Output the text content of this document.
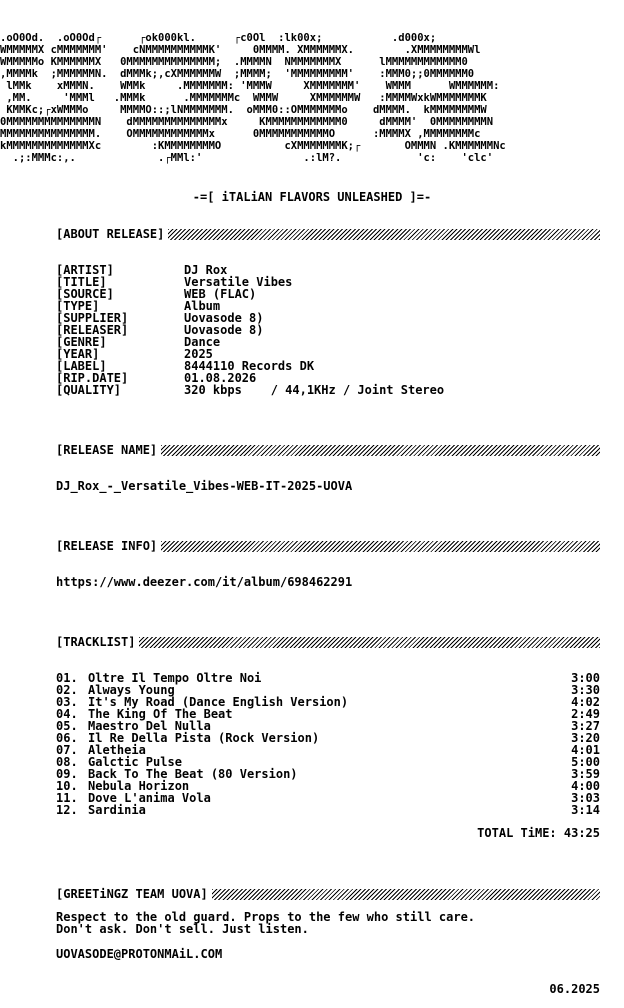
.oO0Od.  .oO0Od┌      ┌ok000kl.      ┌c0Ol  :lk00x;           .d000x;
WMMMMMX cMMMMMMM'    cNMMMMMMMMMMK'     0MMMM. XMMMMMMX.        .XMMMMMMMMWl
WMMMMMo KMMMMMMX   0MMMMMMMMMMMMMM;  .MMMMN  NMMMMMMMX      lMMMMMMMMMMMM0
,MMMMk  ;MMMMMMN.  dMMMk;,cXMMMMMMW  ;MMMM;  'MMMMMMMMM'    :MMM0;;0MMMMMM0
lMMk    xMMMN.    WMMk     .MMMMMMM: 'MMMW     XMMMMMMM'    WMMM      WMMMMMM:
,MM.     'MMMl   .MMMk      .MMMMMMMc  WMMW     XMMMMMMW   :MMMMWxkWMMMMMMMK
KMMKc;┌xWMMMo     MMMMO::;lNMMMMMMM.  oMMM0::OMMMMMMMo    dMMMM.  kMMMMMMMMW
0MMMMMMMMMMMMMMN    dMMMMMMMMMMMMMMx     KMMMMMMMMMMMM0     dMMMM'  0MMMMMMMMN
MMMMMMMMMMMMMMM.    OMMMMMMMMMMMMx      0MMMMMMMMMMMO      :MMMMX ,MMMMMMMMc
kMMMMMMMMMMMMMXc        :KMMMMMMMMO          cXMMMMMMMK;┌       OMMMN .KMMMMMMNc
.;:MMMc:,.             .┌MMl:'                .:lM?.            'c:    'clc'
-=[ iTALiAN FLAVORS UNLEASHED ]=-
[ABOUT RELEASE]
[ARTIST]	DJ Rox
[TITLE]	Versatile Vibes
[SOURCE]	WEB (FLAC)
[TYPE]	Album
[SUPPLIER]	Uovasode 8)
[RELEASER]	Uovasode 8)
[GENRE]	Dance
[YEAR]	2025
[LABEL]	8444110 Records DK
[RIP.DATE]	01.08.2026
[QUALITY]	320 kbps    / 44,1KHz / Joint Stereo
[RELEASE NAME]
DJ_Rox_-_Versatile_Vibes-WEB-IT-2025-UOVA
[RELEASE INFO]
https://www.deezer.com/it/album/698462291
[TRACKLIST]
01. Oltre Il Tempo Oltre Noi	3:00
02. Always Young	3:30
03. It's My Road (Dance English Version)	4:02
04. The King Of The Beat	2:49
05. Maestro Del Nulla	3:27
06. Il Re Della Pista (Rock Version)	3:20
07. Aletheia	4:01
08. Galctic Pulse	5:00
09. Back To The Beat (80 Version)	3:59
10. Nebula Horizon	4:00
11. Dove L'anima Vola	3:03
12. Sardinia	3:14
TOTAL TiME: 43:25
[GREETiNGZ TEAM UOVA]
Respect to the old guard. Props to the few who still care.
Don't ask. Don't sell. Just listen.
UOVASODE@PROTONMAiL.COM
06.2025
